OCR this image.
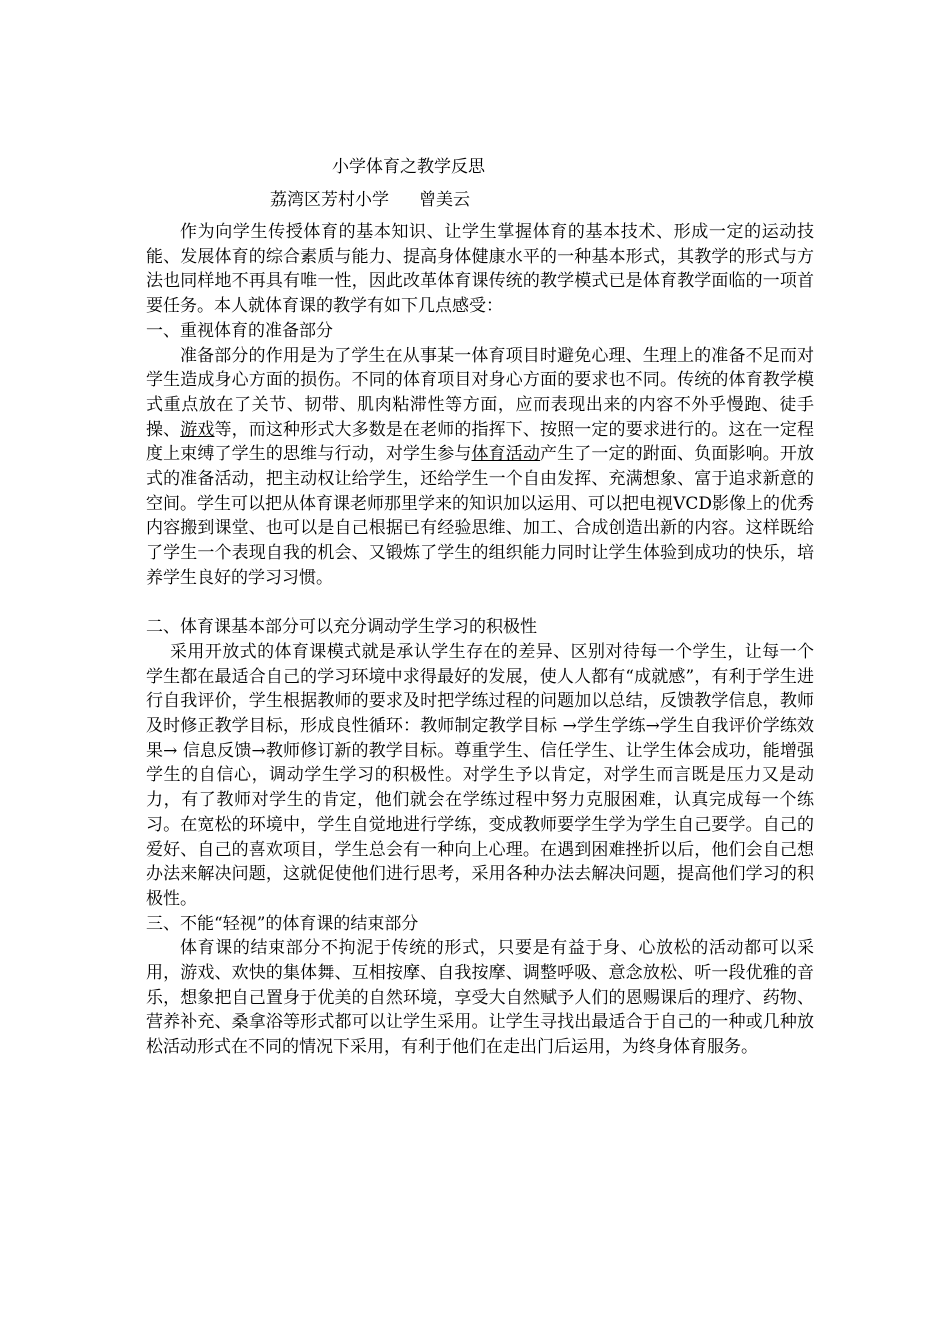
小学体育之教学反思
荔湾区芳村小学 曾美云

作为向学生传授体育的基本知识、让学生掌握体育的基本技术、形成一定的运动技能、发展体育的综合素质与能力、提高身体健康水平的一种基本形式，其教学的形式与方法也同样地不再具有唯一性，因此改革体育课传统的教学模式已是体育教学面临的一项首要任务。本人就体育课的教学有如下几点感受：

一、重视体育的准备部分

准备部分的作用是为了学生在从事某一体育项目时避免心理、生理上的准备不足而对学生造成身心方面的损伤。不同的体育项目对身心方面的要求也不同。传统的体育教学模式重点放在了关节、韧带、肌肉粘滞性等方面，应而表现出来的内容不外乎慢跑、徒手操、游戏等，而这种形式大多数是在老师的指挥下、按照一定的要求进行的。这在一定程度上束缚了学生的思维与行动，对学生参与体育活动产生了一定的跗面、负面影响。开放式的准备活动，把主动权让给学生，还给学生一个自由发挥、充满想象、富于追求新意的空间。学生可以把从体育课老师那里学来的知识加以运用、可以把电视VCD影像上的优秀内容搬到课堂、也可以是自己根据已有经验思维、加工、合成创造出新的内容。这样既给了学生一个表现自我的机会、又锻炼了学生的组织能力同时让学生体验到成功的快乐，培养学生良好的学习习惯。

二、体育课基本部分可以充分调动学生学习的积极性

采用开放式的体育课模式就是承认学生存在的差异、区别对待每一个学生，让每一个学生都在最适合自己的学习环境中求得最好的发展，使人人都有“成就感”，有利于学生进行自我评价，学生根据教师的要求及时把学练过程的问题加以总结，反馈教学信息，教师及时修正教学目标，形成良性循环：教师制定教学目标 →学生学练→学生自我评价学练效果→ 信息反馈→教师修订新的教学目标。尊重学生、信任学生、让学生体会成功，能增强学生的自信心，调动学生学习的积极性。对学生予以肯定，对学生而言既是压力又是动力，有了教师对学生的肯定，他们就会在学练过程中努力克服困难，认真完成每一个练习。在宽松的环境中，学生自觉地进行学练，变成教师要学生学为学生自己要学。自己的爱好、自己的喜欢项目，学生总会有一种向上心理。在遇到困难挫折以后，他们会自己想办法来解决问题，这就促使他们进行思考，采用各种办法去解决问题，提高他们学习的积极性。

三、不能“轻视”的体育课的结束部分

体育课的结束部分不拘泥于传统的形式，只要是有益于身、心放松的活动都可以采用，游戏、欢快的集体舞、互相按摩、自我按摩、调整呼吸、意念放松、听一段优雅的音乐，想象把自己置身于优美的自然环境，享受大自然赋予人们的恩赐课后的理疗、药物、营养补充、桑拿浴等形式都可以让学生采用。让学生寻找出最适合于自己的一种或几种放松活动形式在不同的情况下采用，有利于他们在走出门后运用，为终身体育服务。
